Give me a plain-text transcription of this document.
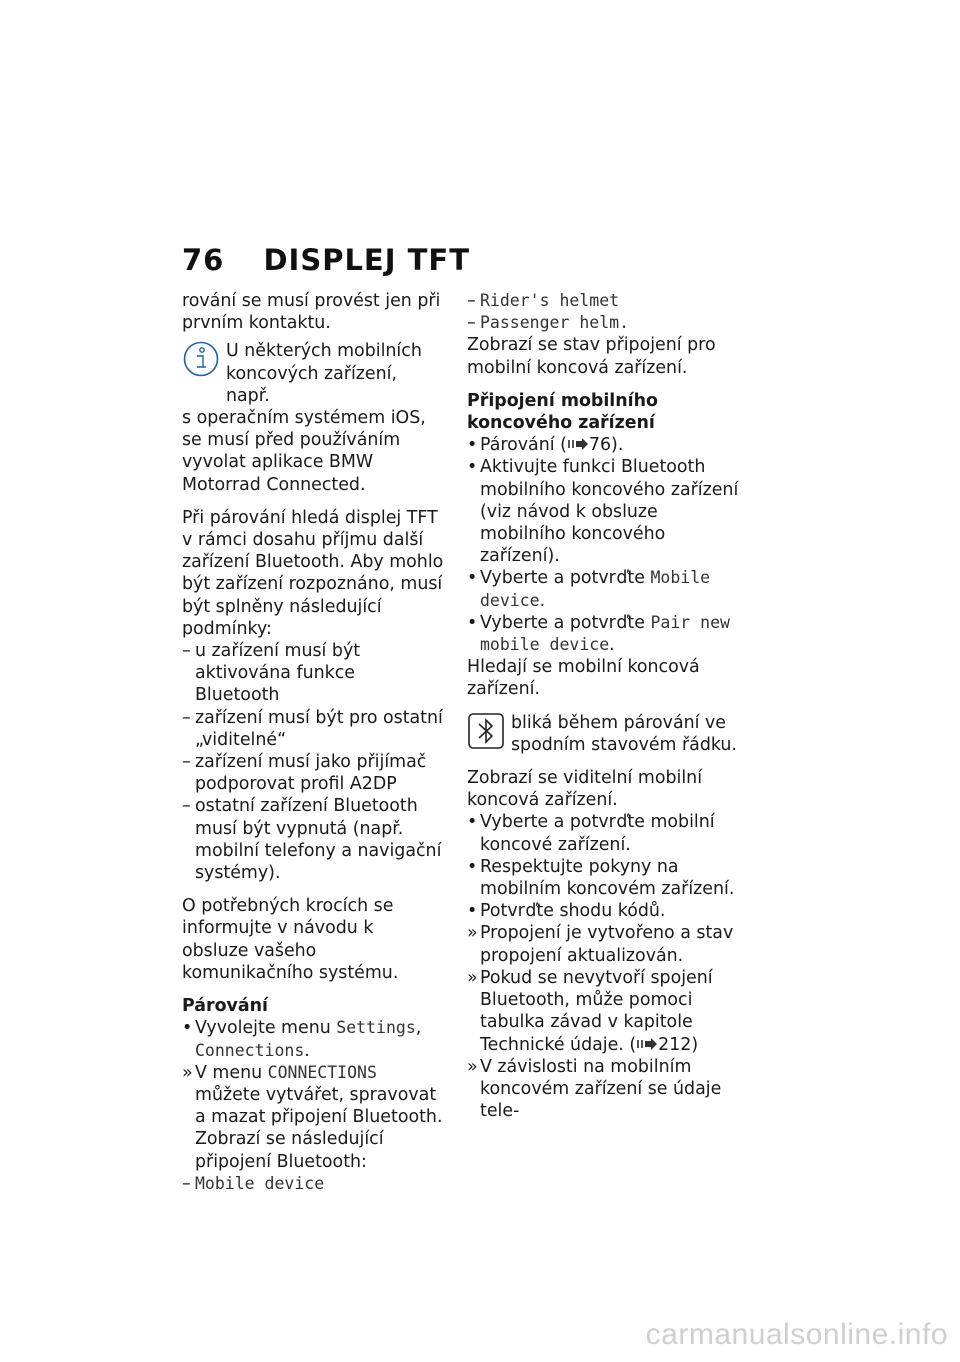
76 DISPLEJ TFT

rování se musí provést jen při prvním kontaktu.

U některých mobilních

koncových zařízení, např.

s operačním systémem iOS, se musí před používáním vyvolat aplikace BMW Motorrad Connected.

Při párování hledá displej TFT v rámci dosahu příjmu další zařízení Bluetooth. Aby mohlo být zařízení rozpoznáno, musí být splněny následující podmínky:

– u zařízení musí být aktivována funkce Bluetooth
– zařízení musí být pro ostatní „viditelné“
– zařízení musí jako přijímač podporovat profil A2DP
– ostatní zařízení Bluetooth musí být vypnutá (např. mobilní telefony a navigační systémy).

O potřebných krocích se informujte v návodu k obsluze vašeho komunikačního systému.

Párování

• Vyvolejte menu Settings, Connections.
» V menu CONNECTIONS můžete vytvářet, spravovat a mazat připojení Bluetooth. Zobrazí se následující připojení Bluetooth:
– Mobile device
– Rider's helmet
– Passenger helm.

Zobrazí se stav připojení pro mobilní koncová zařízení.

Připojení mobilního koncového zařízení

• Párování ( 76).
• Aktivujte funkci Bluetooth mobilního koncového zařízení (viz návod k obsluze mobilního koncového zařízení).
• Vyberte a potvrďte Mobile device.
• Vyberte a potvrďte Pair new mobile device.

Hledají se mobilní koncová zařízení.

bliká během párování ve

spodním stavovém řádku.

Zobrazí se viditelní mobilní koncová zařízení.

• Vyberte a potvrďte mobilní koncové zařízení.
• Respektujte pokyny na mobilním koncovém zařízení.
• Potvrďte shodu kódů.
» Propojení je vytvořeno a stav propojení aktualizován.
» Pokud se nevytvoří spojení Bluetooth, může pomoci tabulka závad v kapitole Technické údaje. ( 212)
» V závislosti na mobilním koncovém zařízení se údaje tele-
carmanualsonline.info
